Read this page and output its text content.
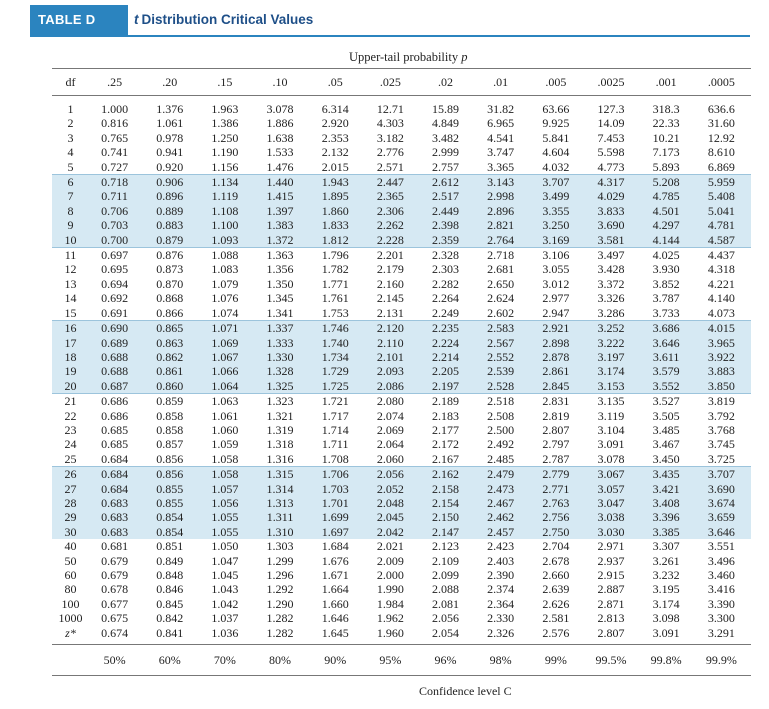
TABLE D	t Distribution Critical Values
	Upper-tail probability p											
df	.25	.20	.15	.10	.05	.025	.02	.01	.005	.0025	.001	.0005
1	1.000	1.376	1.963	3.078	6.314	12.71	15.89	31.82	63.66	127.3	318.3	636.6
2	0.816	1.061	1.386	1.886	2.920	4.303	4.849	6.965	9.925	14.09	22.33	31.60
3	0.765	0.978	1.250	1.638	2.353	3.182	3.482	4.541	5.841	7.453	10.21	12.92
4	0.741	0.941	1.190	1.533	2.132	2.776	2.999	3.747	4.604	5.598	7.173	8.610
5	0.727	0.920	1.156	1.476	2.015	2.571	2.757	3.365	4.032	4.773	5.893	6.869
6	0.718	0.906	1.134	1.440	1.943	2.447	2.612	3.143	3.707	4.317	5.208	5.959
7	0.711	0.896	1.119	1.415	1.895	2.365	2.517	2.998	3.499	4.029	4.785	5.408
8	0.706	0.889	1.108	1.397	1.860	2.306	2.449	2.896	3.355	3.833	4.501	5.041
9	0.703	0.883	1.100	1.383	1.833	2.262	2.398	2.821	3.250	3.690	4.297	4.781
10	0.700	0.879	1.093	1.372	1.812	2.228	2.359	2.764	3.169	3.581	4.144	4.587
11	0.697	0.876	1.088	1.363	1.796	2.201	2.328	2.718	3.106	3.497	4.025	4.437
12	0.695	0.873	1.083	1.356	1.782	2.179	2.303	2.681	3.055	3.428	3.930	4.318
13	0.694	0.870	1.079	1.350	1.771	2.160	2.282	2.650	3.012	3.372	3.852	4.221
14	0.692	0.868	1.076	1.345	1.761	2.145	2.264	2.624	2.977	3.326	3.787	4.140
15	0.691	0.866	1.074	1.341	1.753	2.131	2.249	2.602	2.947	3.286	3.733	4.073
16	0.690	0.865	1.071	1.337	1.746	2.120	2.235	2.583	2.921	3.252	3.686	4.015
17	0.689	0.863	1.069	1.333	1.740	2.110	2.224	2.567	2.898	3.222	3.646	3.965
18	0.688	0.862	1.067	1.330	1.734	2.101	2.214	2.552	2.878	3.197	3.611	3.922
19	0.688	0.861	1.066	1.328	1.729	2.093	2.205	2.539	2.861	3.174	3.579	3.883
20	0.687	0.860	1.064	1.325	1.725	2.086	2.197	2.528	2.845	3.153	3.552	3.850
21	0.686	0.859	1.063	1.323	1.721	2.080	2.189	2.518	2.831	3.135	3.527	3.819
22	0.686	0.858	1.061	1.321	1.717	2.074	2.183	2.508	2.819	3.119	3.505	3.792
23	0.685	0.858	1.060	1.319	1.714	2.069	2.177	2.500	2.807	3.104	3.485	3.768
24	0.685	0.857	1.059	1.318	1.711	2.064	2.172	2.492	2.797	3.091	3.467	3.745
25	0.684	0.856	1.058	1.316	1.708	2.060	2.167	2.485	2.787	3.078	3.450	3.725
26	0.684	0.856	1.058	1.315	1.706	2.056	2.162	2.479	2.779	3.067	3.435	3.707
27	0.684	0.855	1.057	1.314	1.703	2.052	2.158	2.473	2.771	3.057	3.421	3.690
28	0.683	0.855	1.056	1.313	1.701	2.048	2.154	2.467	2.763	3.047	3.408	3.674
29	0.683	0.854	1.055	1.311	1.699	2.045	2.150	2.462	2.756	3.038	3.396	3.659
30	0.683	0.854	1.055	1.310	1.697	2.042	2.147	2.457	2.750	3.030	3.385	3.646
40	0.681	0.851	1.050	1.303	1.684	2.021	2.123	2.423	2.704	2.971	3.307	3.551
50	0.679	0.849	1.047	1.299	1.676	2.009	2.109	2.403	2.678	2.937	3.261	3.496
60	0.679	0.848	1.045	1.296	1.671	2.000	2.099	2.390	2.660	2.915	3.232	3.460
80	0.678	0.846	1.043	1.292	1.664	1.990	2.088	2.374	2.639	2.887	3.195	3.416
100	0.677	0.845	1.042	1.290	1.660	1.984	2.081	2.364	2.626	2.871	3.174	3.390
1000	0.675	0.842	1.037	1.282	1.646	1.962	2.056	2.330	2.581	2.813	3.098	3.300
z*	0.674	0.841	1.036	1.282	1.645	1.960	2.054	2.326	2.576	2.807	3.091	3.291
	50%	60%	70%	80%	90%	95%	96%	98%	99%	99.5%	99.8%	99.9%
	Confidence level C											
